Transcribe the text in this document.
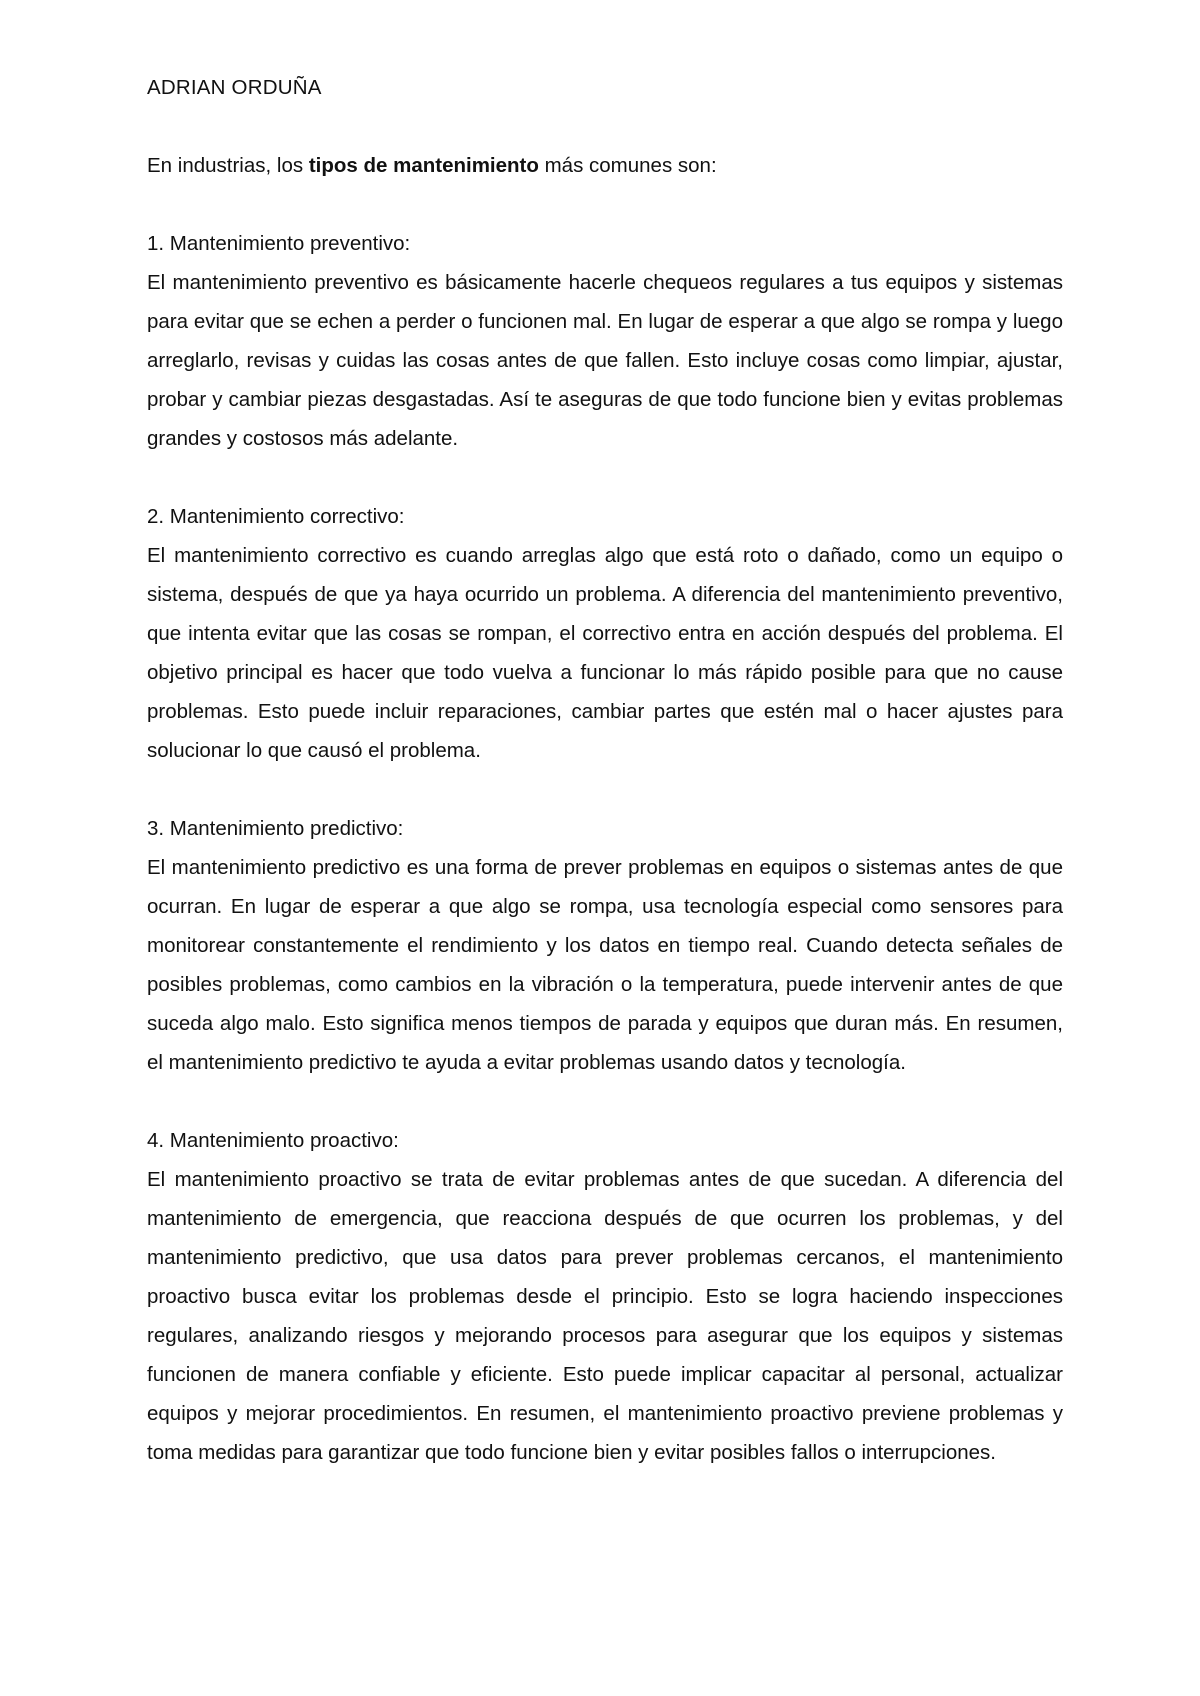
ADRIAN ORDUÑA

En industrias, los tipos de mantenimiento más comunes son:

1. Mantenimiento preventivo:

El mantenimiento preventivo es básicamente hacerle chequeos regulares a tus equipos y sistemas para evitar que se echen a perder o funcionen mal. En lugar de esperar a que algo se rompa y luego arreglarlo, revisas y cuidas las cosas antes de que fallen. Esto incluye cosas como limpiar, ajustar, probar y cambiar piezas desgastadas. Así te aseguras de que todo funcione bien y evitas problemas grandes y costosos más adelante.

2. Mantenimiento correctivo:

El mantenimiento correctivo es cuando arreglas algo que está roto o dañado, como un equipo o sistema, después de que ya haya ocurrido un problema. A diferencia del mantenimiento preventivo, que intenta evitar que las cosas se rompan, el correctivo entra en acción después del problema. El objetivo principal es hacer que todo vuelva a funcionar lo más rápido posible para que no cause problemas. Esto puede incluir reparaciones, cambiar partes que estén mal o hacer ajustes para solucionar lo que causó el problema.

3. Mantenimiento predictivo:

El mantenimiento predictivo es una forma de prever problemas en equipos o sistemas antes de que ocurran. En lugar de esperar a que algo se rompa, usa tecnología especial como sensores para monitorear constantemente el rendimiento y los datos en tiempo real. Cuando detecta señales de posibles problemas, como cambios en la vibración o la temperatura, puede intervenir antes de que suceda algo malo. Esto significa menos tiempos de parada y equipos que duran más. En resumen, el mantenimiento predictivo te ayuda a evitar problemas usando datos y tecnología.

4. Mantenimiento proactivo:

El mantenimiento proactivo se trata de evitar problemas antes de que sucedan. A diferencia del mantenimiento de emergencia, que reacciona después de que ocurren los problemas, y del mantenimiento predictivo, que usa datos para prever problemas cercanos, el mantenimiento proactivo busca evitar los problemas desde el principio. Esto se logra haciendo inspecciones regulares, analizando riesgos y mejorando procesos para asegurar que los equipos y sistemas funcionen de manera confiable y eficiente. Esto puede implicar capacitar al personal, actualizar equipos y mejorar procedimientos. En resumen, el mantenimiento proactivo previene problemas y toma medidas para garantizar que todo funcione bien y evitar posibles fallos o interrupciones.
